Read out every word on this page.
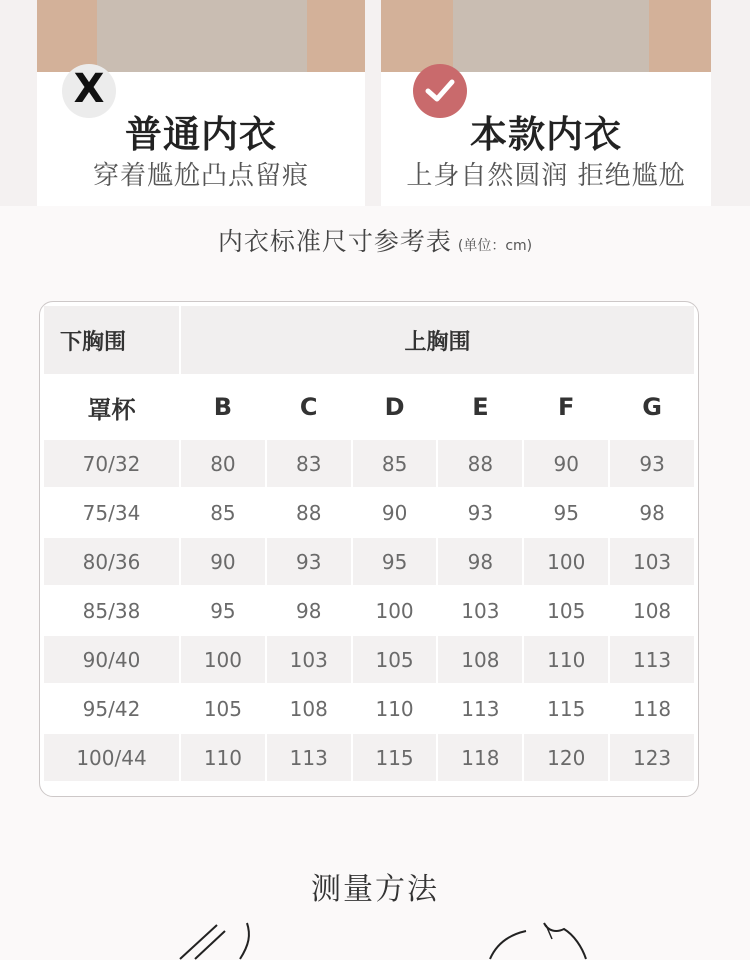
X
普通内衣
穿着尴尬凸点留痕
本款内衣
上身自然圆润 拒绝尴尬
内衣标准尺寸参考表 (单位：cm)
下胸围	上胸围					
罩杯	B	C	D	E	F	G
70/32	80	83	85	88	90	93
75/34	85	88	90	93	95	98
80/36	90	93	95	98	100	103
85/38	95	98	100	103	105	108
90/40	100	103	105	108	110	113
95/42	105	108	110	113	115	118
100/44	110	113	115	118	120	123
测量方法
